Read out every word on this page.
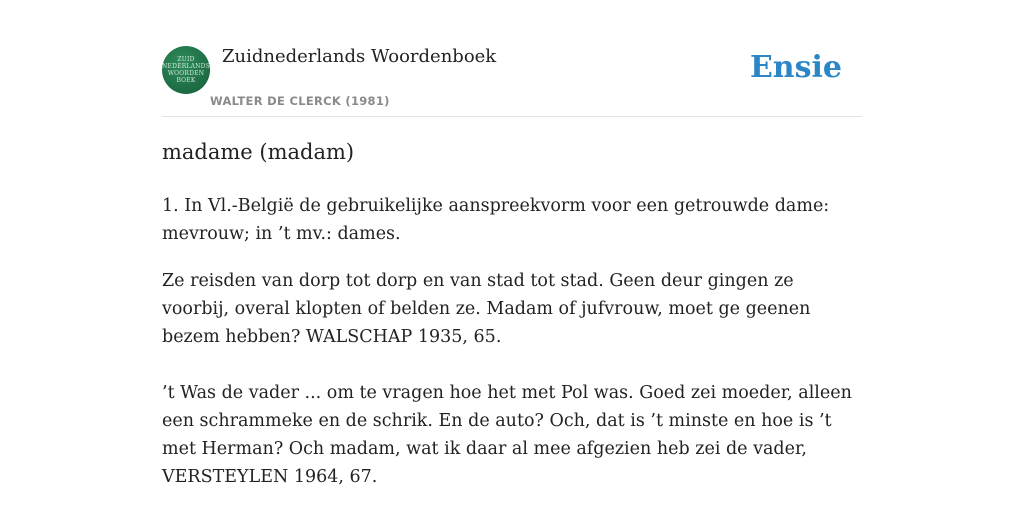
ZUID NEDERLANDS WOORDEN BOEK
Zuidnederlands Woordenboek
WALTER DE CLERCK (1981)
Ensie
madame (madam)

1. In Vl.-België de gebruikelijke aanspreekvorm voor een getrouwde dame: mevrouw; in ’t mv.: dames.

Ze reisden van dorp tot dorp en van stad tot stad. Geen deur gingen ze voorbij, overal klopten of belden ze. Madam of jufvrouw, moet ge geenen bezem hebben? WALSCHAP 1935, 65.

’t Was de vader ... om te vragen hoe het met Pol was. Goed zei moeder, alleen een schrammeke en de schrik. En de auto? Och, dat is ’t minste en hoe is ’t met Herman? Och madam, wat ik daar al mee afgezien heb zei de vader, VERSTEYLEN 1964, 67.
